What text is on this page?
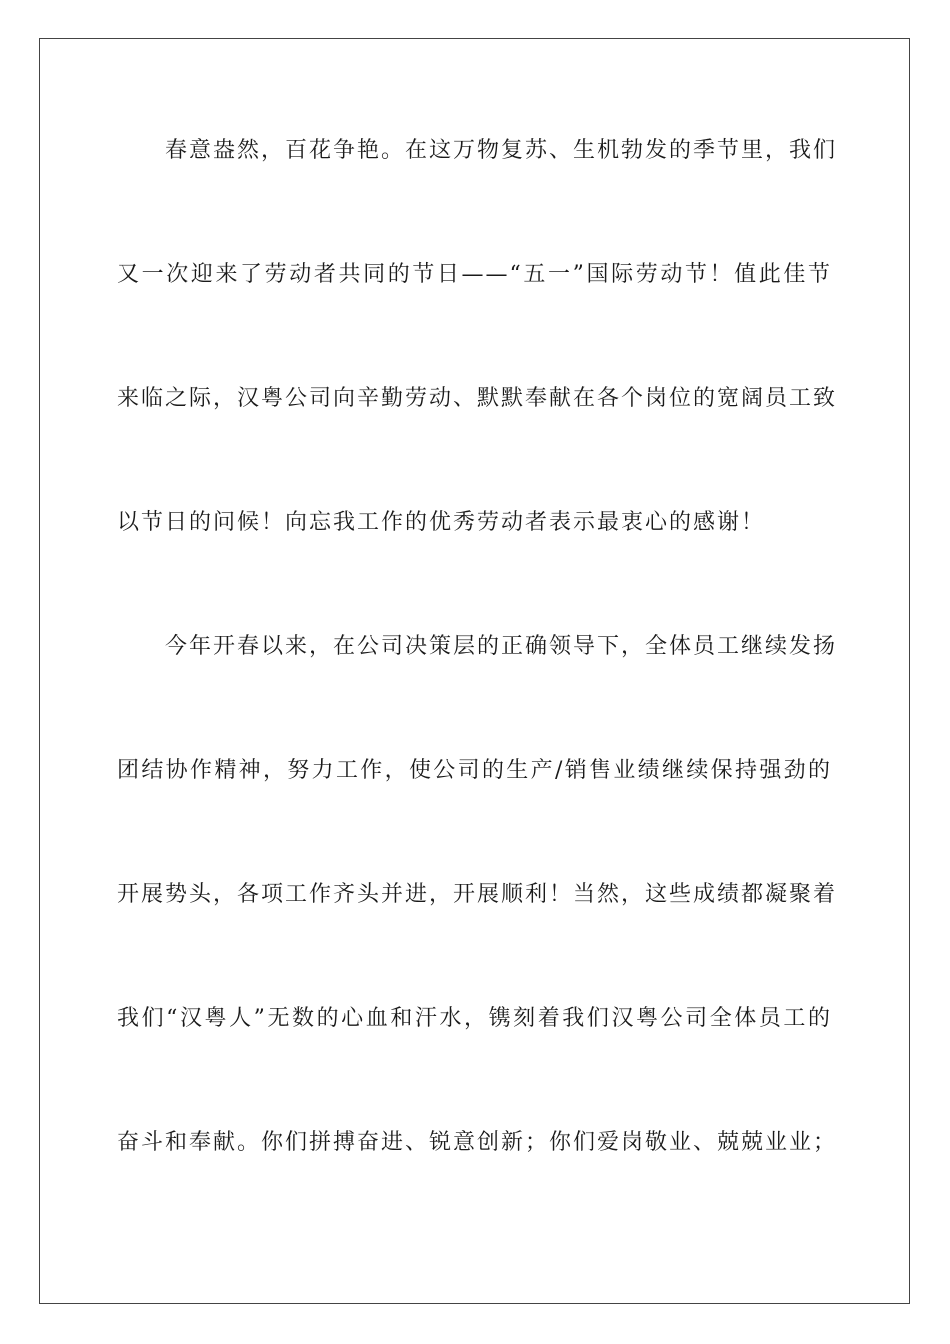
春意盎然，百花争艳。在这万物复苏、生机勃发的季节里，我们
又一次迎来了劳动者共同的节日——“五一”国际劳动节！值此佳节
来临之际，汉粤公司向辛勤劳动、默默奉献在各个岗位的宽阔员工致
以节日的问候！向忘我工作的优秀劳动者表示最衷心的感谢！
今年开春以来，在公司决策层的正确领导下，全体员工继续发扬
团结协作精神，努力工作，使公司的生产/销售业绩继续保持强劲的
开展势头，各项工作齐头并进，开展顺利！当然，这些成绩都凝聚着
我们“汉粤人”无数的心血和汗水，镌刻着我们汉粤公司全体员工的
奋斗和奉献。你们拼搏奋进、锐意创新；你们爱岗敬业、兢兢业业；
